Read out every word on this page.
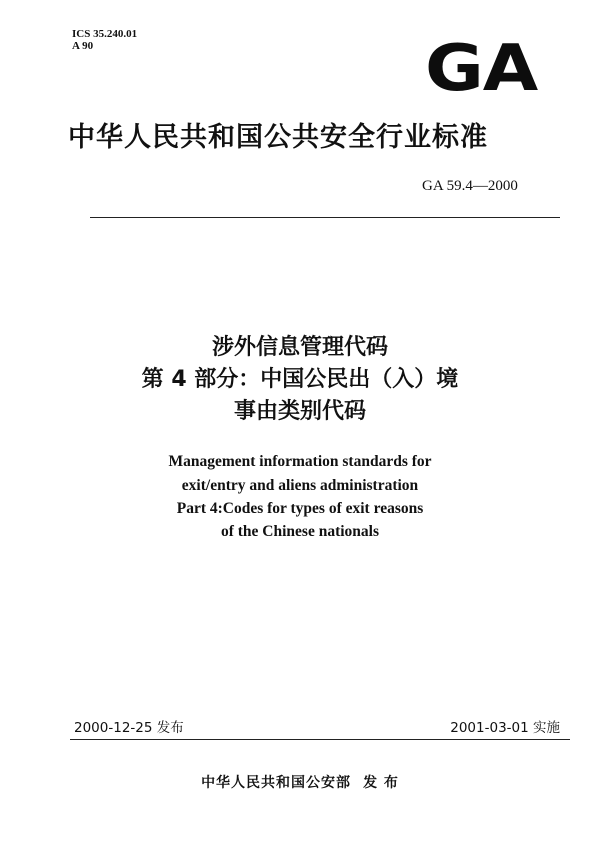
ICS 35.240.01
A 90	GA
中华人民共和国公共安全行业标准
GA 59.4—2000
涉外信息管理代码
第 4 部分：中国公民出（入）境
事由类别代码
Management information standards for
exit/entry and aliens administration
Part 4:Codes for types of exit reasons
of the Chinese nationals
2000-12-25 发布	2001-03-01 实施
中华人民共和国公安部 发 布
